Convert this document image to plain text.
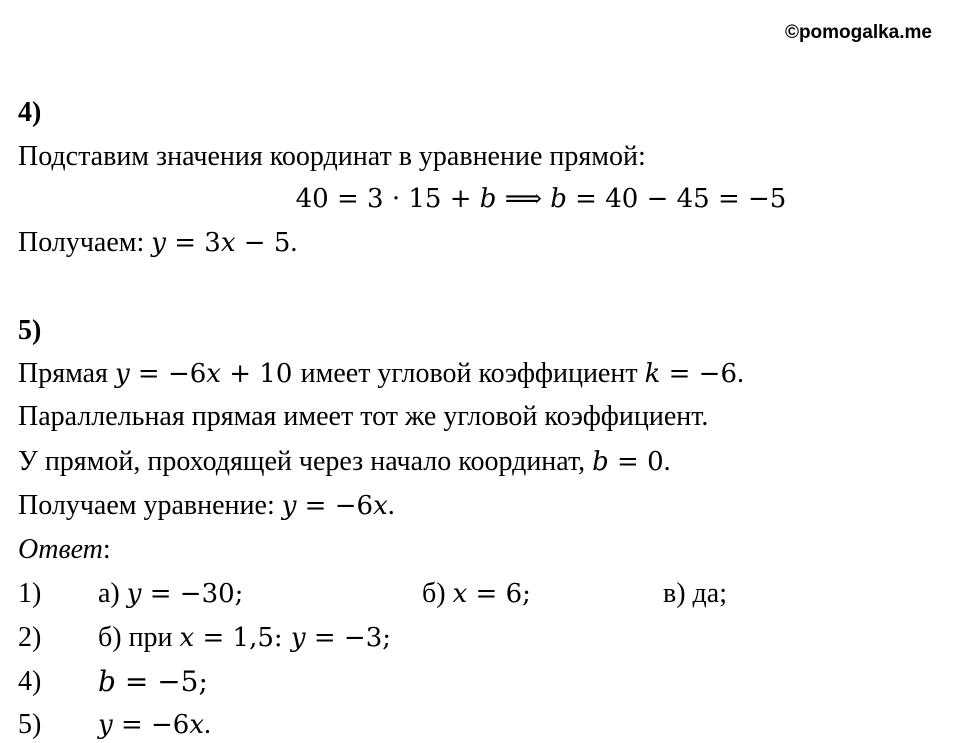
©pomogalka.me
4)
Подставим значения координат в уравнение прямой:
40 = 3 · 15 + b ⟹ b = 40 − 45 = −5
Получаем: y = 3x − 5.
5)
Прямая y = −6x + 10 имеет угловой коэффициент k = −6.
Параллельная прямая имеет тот же угловой коэффициент.
У прямой, проходящей через начало координат, b = 0.
Получаем уравнение: y = −6x.
Ответ:
1) а) y = −30;	б) x = 6;	в) да;
2) б) при x = 1,5: y = −3;
4) b = −5;
5) y = −6x.
